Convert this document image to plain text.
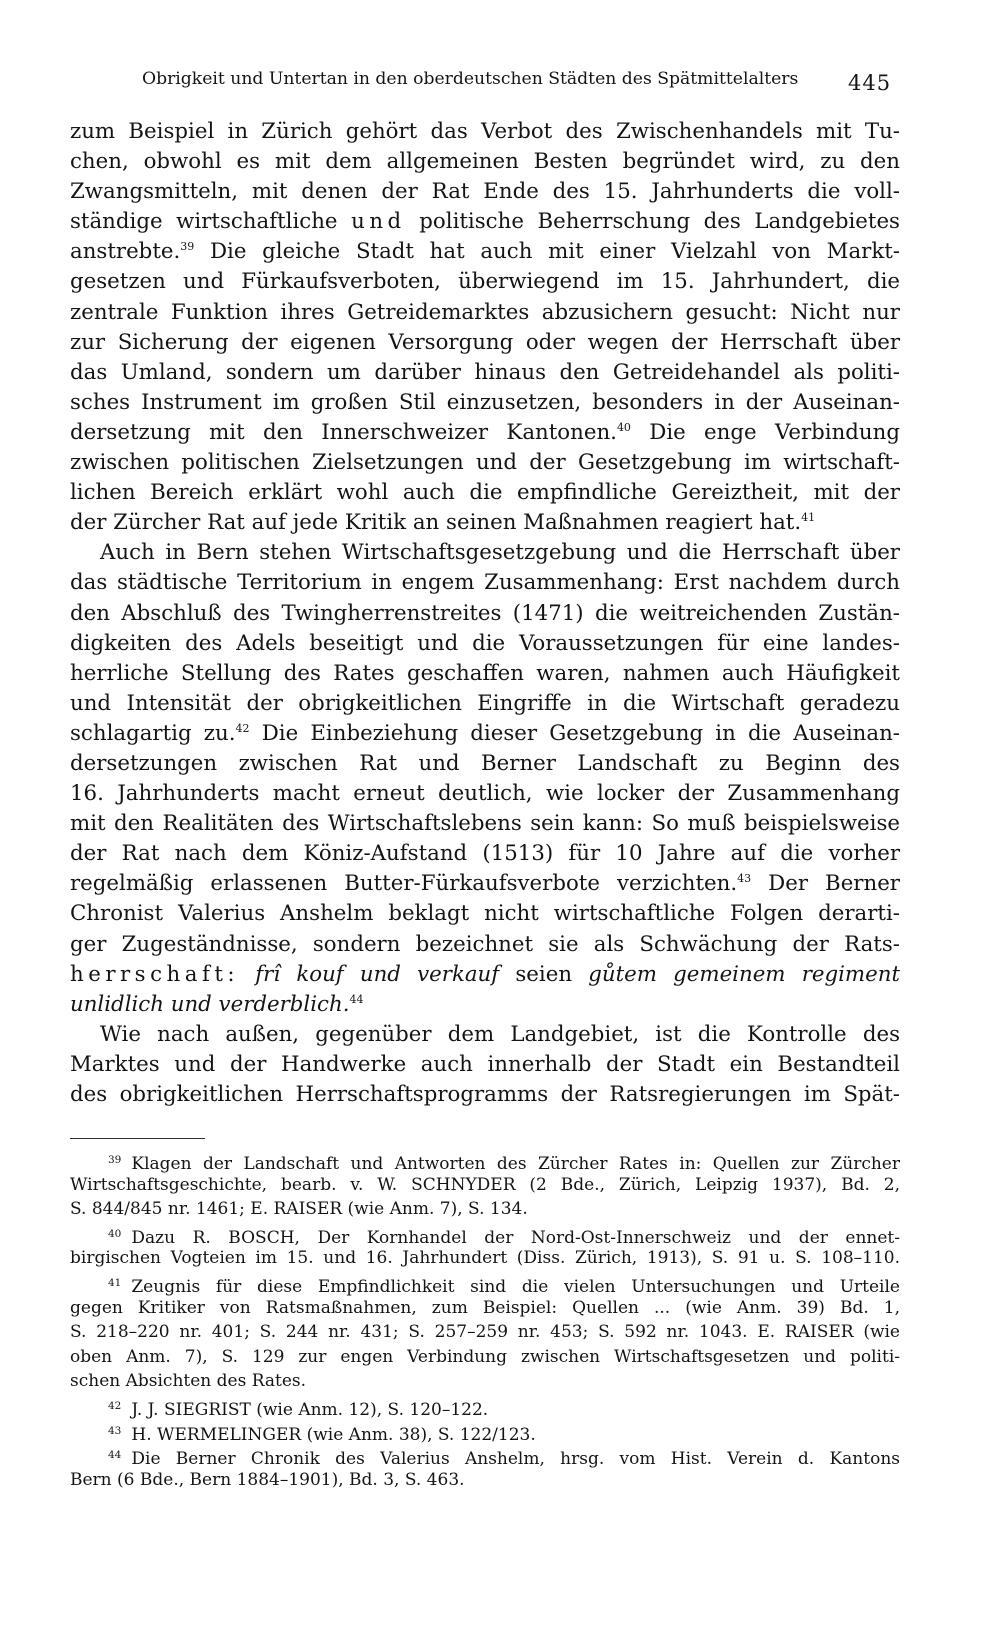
Obrigkeit und Untertan in den oberdeutschen Städten des Spätmittelalters	445
zum Beispiel in Zürich gehört das Verbot des Zwischenhandels mit Tu-
chen, obwohl es mit dem allgemeinen Besten begründet wird, zu den
Zwangsmitteln, mit denen der Rat Ende des 15. Jahrhunderts die voll-
ständige wirtschaftliche und politische Beherrschung des Landgebietes
anstrebte.$^{39}$ Die gleiche Stadt hat auch mit einer Vielzahl von Markt-
gesetzen und Fürkaufsverboten, überwiegend im 15. Jahrhundert, die
zentrale Funktion ihres Getreidemarktes abzusichern gesucht: Nicht nur
zur Sicherung der eigenen Versorgung oder wegen der Herrschaft über
das Umland, sondern um darüber hinaus den Getreidehandel als politi-
sches Instrument im großen Stil einzusetzen, besonders in der Auseinan-
dersetzung mit den Innerschweizer Kantonen.$^{40}$ Die enge Verbindung
zwischen politischen Zielsetzungen und der Gesetzgebung im wirtschaft-
lichen Bereich erklärt wohl auch die empfindliche Gereiztheit, mit der
der Zürcher Rat auf jede Kritik an seinen Maßnahmen reagiert hat.$^{41}$
Auch in Bern stehen Wirtschaftsgesetzgebung und die Herrschaft über
das städtische Territorium in engem Zusammenhang: Erst nachdem durch
den Abschluß des Twingherrenstreites (1471) die weitreichenden Zustän-
digkeiten des Adels beseitigt und die Voraussetzungen für eine landes-
herrliche Stellung des Rates geschaffen waren, nahmen auch Häufigkeit
und Intensität der obrigkeitlichen Eingriffe in die Wirtschaft geradezu
schlagartig zu.$^{42}$ Die Einbeziehung dieser Gesetzgebung in die Auseinan-
dersetzungen zwischen Rat und Berner Landschaft zu Beginn des
16. Jahrhunderts macht erneut deutlich, wie locker der Zusammenhang
mit den Realitäten des Wirtschaftslebens sein kann: So muß beispielsweise
der Rat nach dem Köniz-Aufstand (1513) für 10 Jahre auf die vorher
regelmäßig erlassenen Butter-Fürkaufsverbote verzichten.$^{43}$ Der Berner
Chronist Valerius Anshelm beklagt nicht wirtschaftliche Folgen derarti-
ger Zugeständnisse, sondern bezeichnet sie als Schwächung der Rats-
herrschaft: frî kouf und verkauf seien gůtem gemeinem regiment
unlidlich und verderblich.$^{44}$
Wie nach außen, gegenüber dem Landgebiet, ist die Kontrolle des
Marktes und der Handwerke auch innerhalb der Stadt ein Bestandteil
des obrigkeitlichen Herrschaftsprogramms der Ratsregierungen im Spät-
$^{39}$ Klagen der Landschaft und Antworten des Zürcher Rates in: Quellen zur Zürcher
Wirtschaftsgeschichte, bearb. v. W. SCHNYDER (2 Bde., Zürich, Leipzig 1937), Bd. 2,
S. 844/845 nr. 1461; E. RAISER (wie Anm. 7), S. 134.
$^{40}$ Dazu R. BOSCH, Der Kornhandel der Nord-Ost-Innerschweiz und der ennet-
birgischen Vogteien im 15. und 16. Jahrhundert (Diss. Zürich, 1913), S. 91 u. S. 108–110.
$^{41}$ Zeugnis für diese Empfindlichkeit sind die vielen Untersuchungen und Urteile
gegen Kritiker von Ratsmaßnahmen, zum Beispiel: Quellen ... (wie Anm. 39) Bd. 1,
S. 218–220 nr. 401; S. 244 nr. 431; S. 257–259 nr. 453; S. 592 nr. 1043. E. RAISER (wie
oben Anm. 7), S. 129 zur engen Verbindung zwischen Wirtschaftsgesetzen und politi-
schen Absichten des Rates.
$^{42}$ J. J. SIEGRIST (wie Anm. 12), S. 120–122.
$^{43}$ H. WERMELINGER (wie Anm. 38), S. 122/123.
$^{44}$ Die Berner Chronik des Valerius Anshelm, hrsg. vom Hist. Verein d. Kantons
Bern (6 Bde., Bern 1884–1901), Bd. 3, S. 463.
